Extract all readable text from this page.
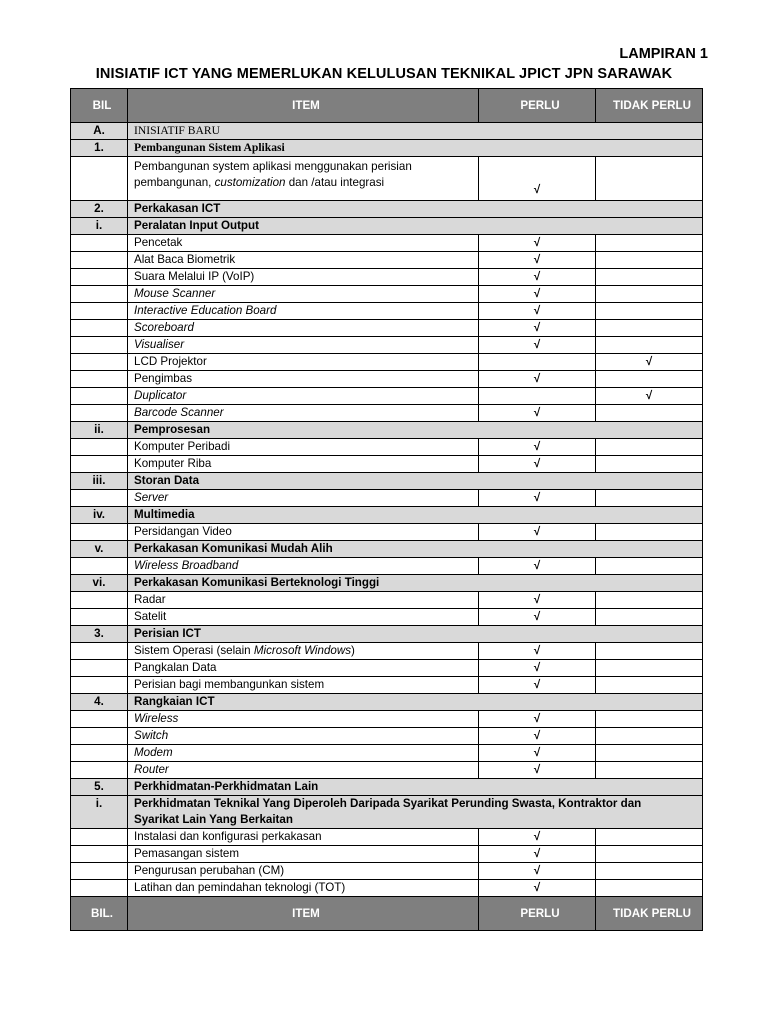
LAMPIRAN 1
INISIATIF ICT YANG MEMERLUKAN KELULUSAN TEKNIKAL JPICT JPN SARAWAK
BIL	ITEM	PERLU	TIDAK PERLU
A.	INISIATIF BARU		
1.	Pembangunan Sistem Aplikasi		

	Pembangunan system aplikasi menggunakan perisian
pembangunan, customization dan /atau integrasi	√	
2.	Perkakasan ICT		
i.	Peralatan Input Output		
	Pencetak	√	
	Alat Baca Biometrik	√	
	Suara Melalui IP (VoIP)	√	
	Mouse Scanner	√	
	Interactive Education Board	√	
	Scoreboard	√	
	Visualiser	√	
	LCD Projektor		√
	Pengimbas	√	
	Duplicator		√
	Barcode Scanner	√	
ii.	Pemprosesan		
	Komputer Peribadi	√	
	Komputer Riba	√	
iii.	Storan Data		
	Server	√	
iv.	Multimedia		
	Persidangan Video	√	
v.	Perkakasan Komunikasi Mudah Alih		
	Wireless Broadband	√	
vi.	Perkakasan Komunikasi Berteknologi Tinggi		
	Radar	√	
	Satelit	√	
3.	Perisian ICT		
	Sistem Operasi (selain Microsoft Windows)	√	
	Pangkalan Data	√	
	Perisian bagi membangunkan sistem	√	
4.	Rangkaian ICT		
	Wireless	√	
	Switch	√	
	Modem	√	
	Router	√	
5.	Perkhidmatan-Perkhidmatan Lain		
i.	Perkhidmatan Teknikal Yang Diperoleh Daripada Syarikat Perunding Swasta, Kontraktor dan
Syarikat Lain Yang Berkaitan		

	Instalasi dan konfigurasi perkakasan	√	
	Pemasangan sistem	√	
	Pengurusan perubahan (CM)	√	
	Latihan dan pemindahan teknologi (TOT)	√	
BIL.	ITEM	PERLU	TIDAK PERLU
